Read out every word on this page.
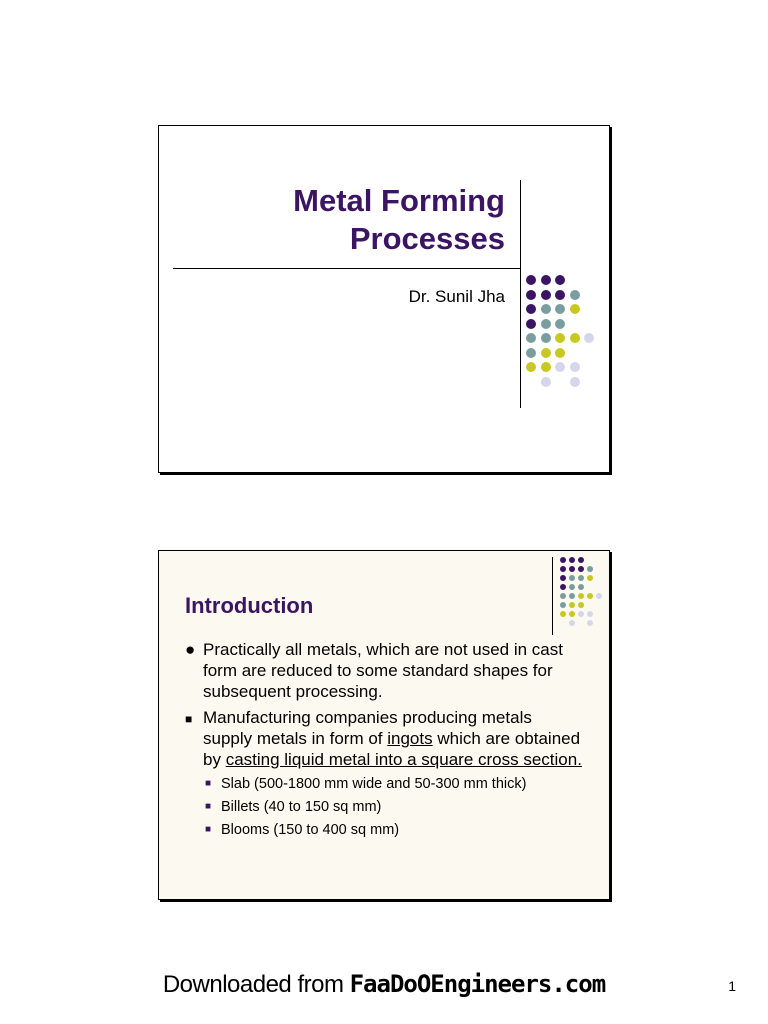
Metal Forming
Processes
Dr. Sunil Jha
Introduction
● Practically all metals, which are not used in cast form are reduced to some standard shapes for subsequent processing.
■ Manufacturing companies producing metals supply metals in form of ingots which are obtained by casting liquid metal into a square cross section.
■ Slab (500-1800 mm wide and 50-300 mm thick)
■ Billets (40 to 150 sq mm)
■ Blooms (150 to 400 sq mm)
Downloaded from FaaDoOEngineers.com	1
